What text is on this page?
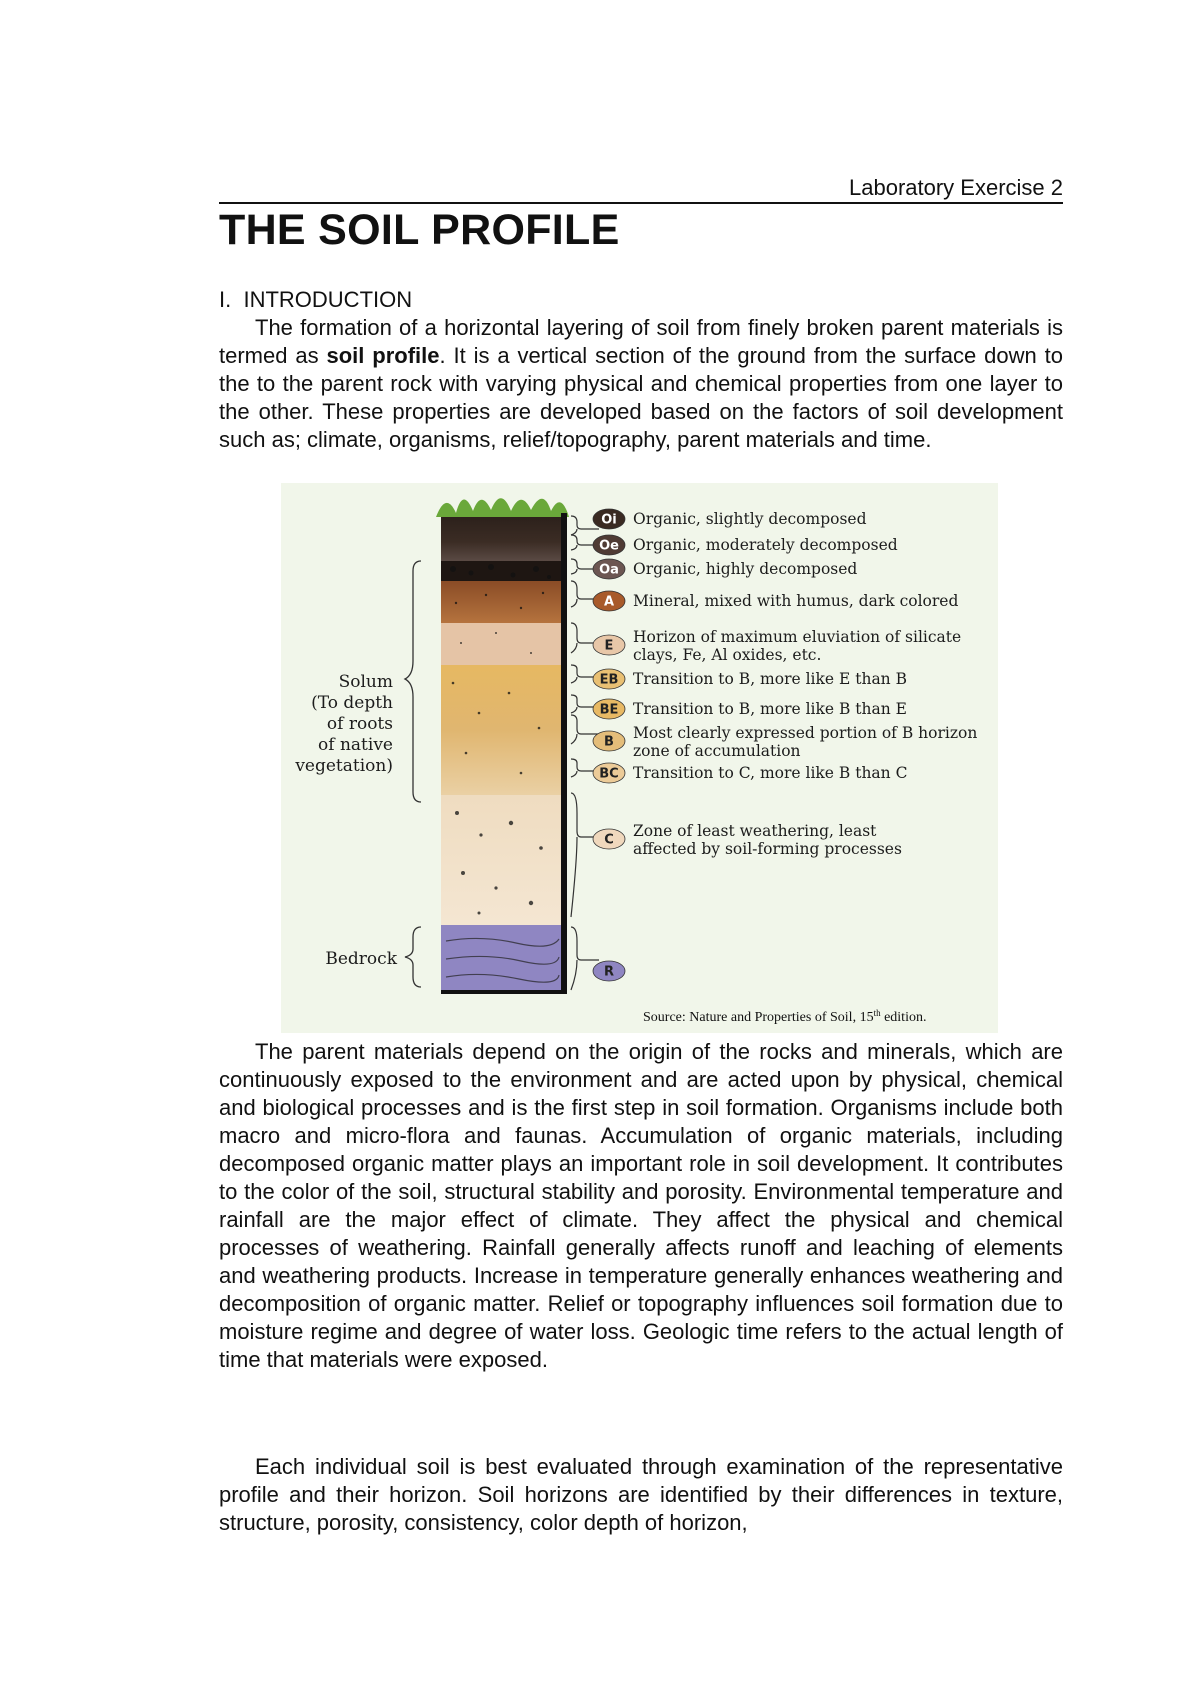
Laboratory Exercise 2
THE SOIL PROFILE
I. INTRODUCTION

The formation of a horizontal layering of soil from finely broken parent materials is termed as soil profile. It is a vertical section of the ground from the surface down to the to the parent rock with varying physical and chemical properties from one layer to the other. These properties are developed based on the factors of soil development such as; climate, organisms, relief/topography, parent materials and time.

Solum
(To depth
of roots
of native
vegetation)
Bedrock
Oi Organic, slightly decomposed
Oe Organic, moderately decomposed
Oa Organic, highly decomposed
A Mineral, mixed with humus, dark colored
E Horizon of maximum eluviation of silicate
clays, Fe, Al oxides, etc.
EB Transition to B, more like E than B
BE Transition to B, more like B than E
B Most clearly expressed portion of B horizon
zone of accumulation
BC Transition to C, more like B than C
C Zone of least weathering, least
affected by soil-forming processes
R
Source: Nature and Properties of Soil, 15th edition.

The parent materials depend on the origin of the rocks and minerals, which are continuously exposed to the environment and are acted upon by physical, chemical and biological processes and is the first step in soil formation. Organisms include both macro and micro-flora and faunas. Accumulation of organic materials, including decomposed organic matter plays an important role in soil development. It contributes to the color of the soil, structural stability and porosity. Environmental temperature and rainfall are the major effect of climate. They affect the physical and chemical processes of weathering. Rainfall generally affects runoff and leaching of elements and weathering products. Increase in temperature generally enhances weathering and decomposition of organic matter. Relief or topography influences soil formation due to moisture regime and degree of water loss. Geologic time refers to the actual length of time that materials were exposed.

Each individual soil is best evaluated through examination of the representative profile and their horizon. Soil horizons are identified by their differences in texture, structure, porosity, consistency, color depth of horizon,
